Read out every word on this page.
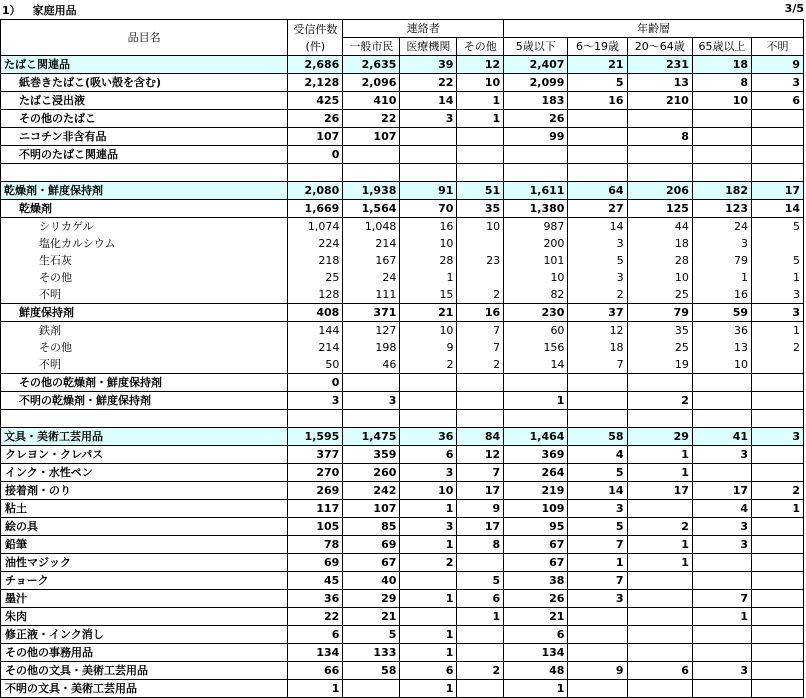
1） 家庭用品	3/5
品目名	受信件数
(件)	連絡者			年齢層				
		一般市民	医療機関	その他	5歳以下	6～19歳	20～64歳	65歳以上	不明
たばこ関連品	2,686	2,635	39	12	2,407	21	231	18	9
紙巻きたばこ(吸い殻を含む)	2,128	2,096	22	10	2,099	5	13	8	3
たばこ浸出液	425	410	14	1	183	16	210	10	6
その他のたばこ	26	22	3	1	26				
ニコチン非含有品	107	107			99		8		
不明のたばこ関連品	0								

乾燥剤・鮮度保持剤	2,080	1,938	91	51	1,611	64	206	182	17
乾燥剤	1,669	1,564	70	35	1,380	27	125	123	14
シリカゲル	1,074	1,048	16	10	987	14	44	24	5
塩化カルシウム	224	214	10		200	3	18	3	
生石灰	218	167	28	23	101	5	28	79	5
その他	25	24	1		10	3	10	1	1
不明	128	111	15	2	82	2	25	16	3
鮮度保持剤	408	371	21	16	230	37	79	59	3
鉄剤	144	127	10	7	60	12	35	36	1
その他	214	198	9	7	156	18	25	13	2
不明	50	46	2	2	14	7	19	10	
その他の乾燥剤・鮮度保持剤	0								
不明の乾燥剤・鮮度保持剤	3	3			1		2		

文具・美術工芸用品	1,595	1,475	36	84	1,464	58	29	41	3
クレヨン・クレパス	377	359	6	12	369	4	1	3	
インク・水性ペン	270	260	3	7	264	5	1		
接着剤・のり	269	242	10	17	219	14	17	17	2
粘土	117	107	1	9	109	3		4	1
絵の具	105	85	3	17	95	5	2	3	
鉛筆	78	69	1	8	67	7	1	3	
油性マジック	69	67	2		67	1	1		
チョーク	45	40		5	38	7			
墨汁	36	29	1	6	26	3		7	
朱肉	22	21		1	21			1	
修正液・インク消し	6	5	1		6				
その他の事務用品	134	133	1		134				
その他の文具・美術工芸用品	66	58	6	2	48	9	6	3	
不明の文具・美術工芸用品	1		1		1				
